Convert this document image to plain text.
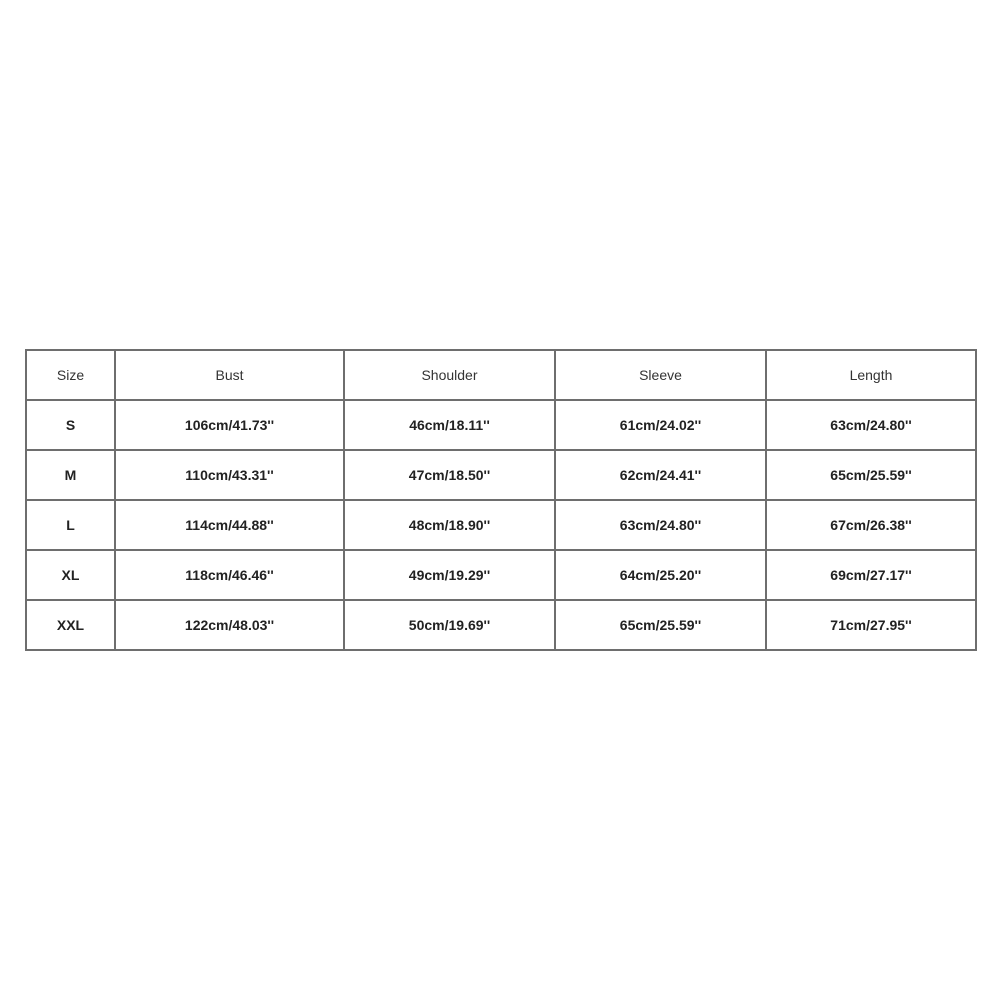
Size	Bust	Shoulder	Sleeve	Length
S	106cm/41.73''	46cm/18.11''	61cm/24.02''	63cm/24.80''
M	110cm/43.31''	47cm/18.50''	62cm/24.41''	65cm/25.59''
L	114cm/44.88''	48cm/18.90''	63cm/24.80''	67cm/26.38''
XL	118cm/46.46''	49cm/19.29''	64cm/25.20''	69cm/27.17''
XXL	122cm/48.03''	50cm/19.69''	65cm/25.59''	71cm/27.95''
